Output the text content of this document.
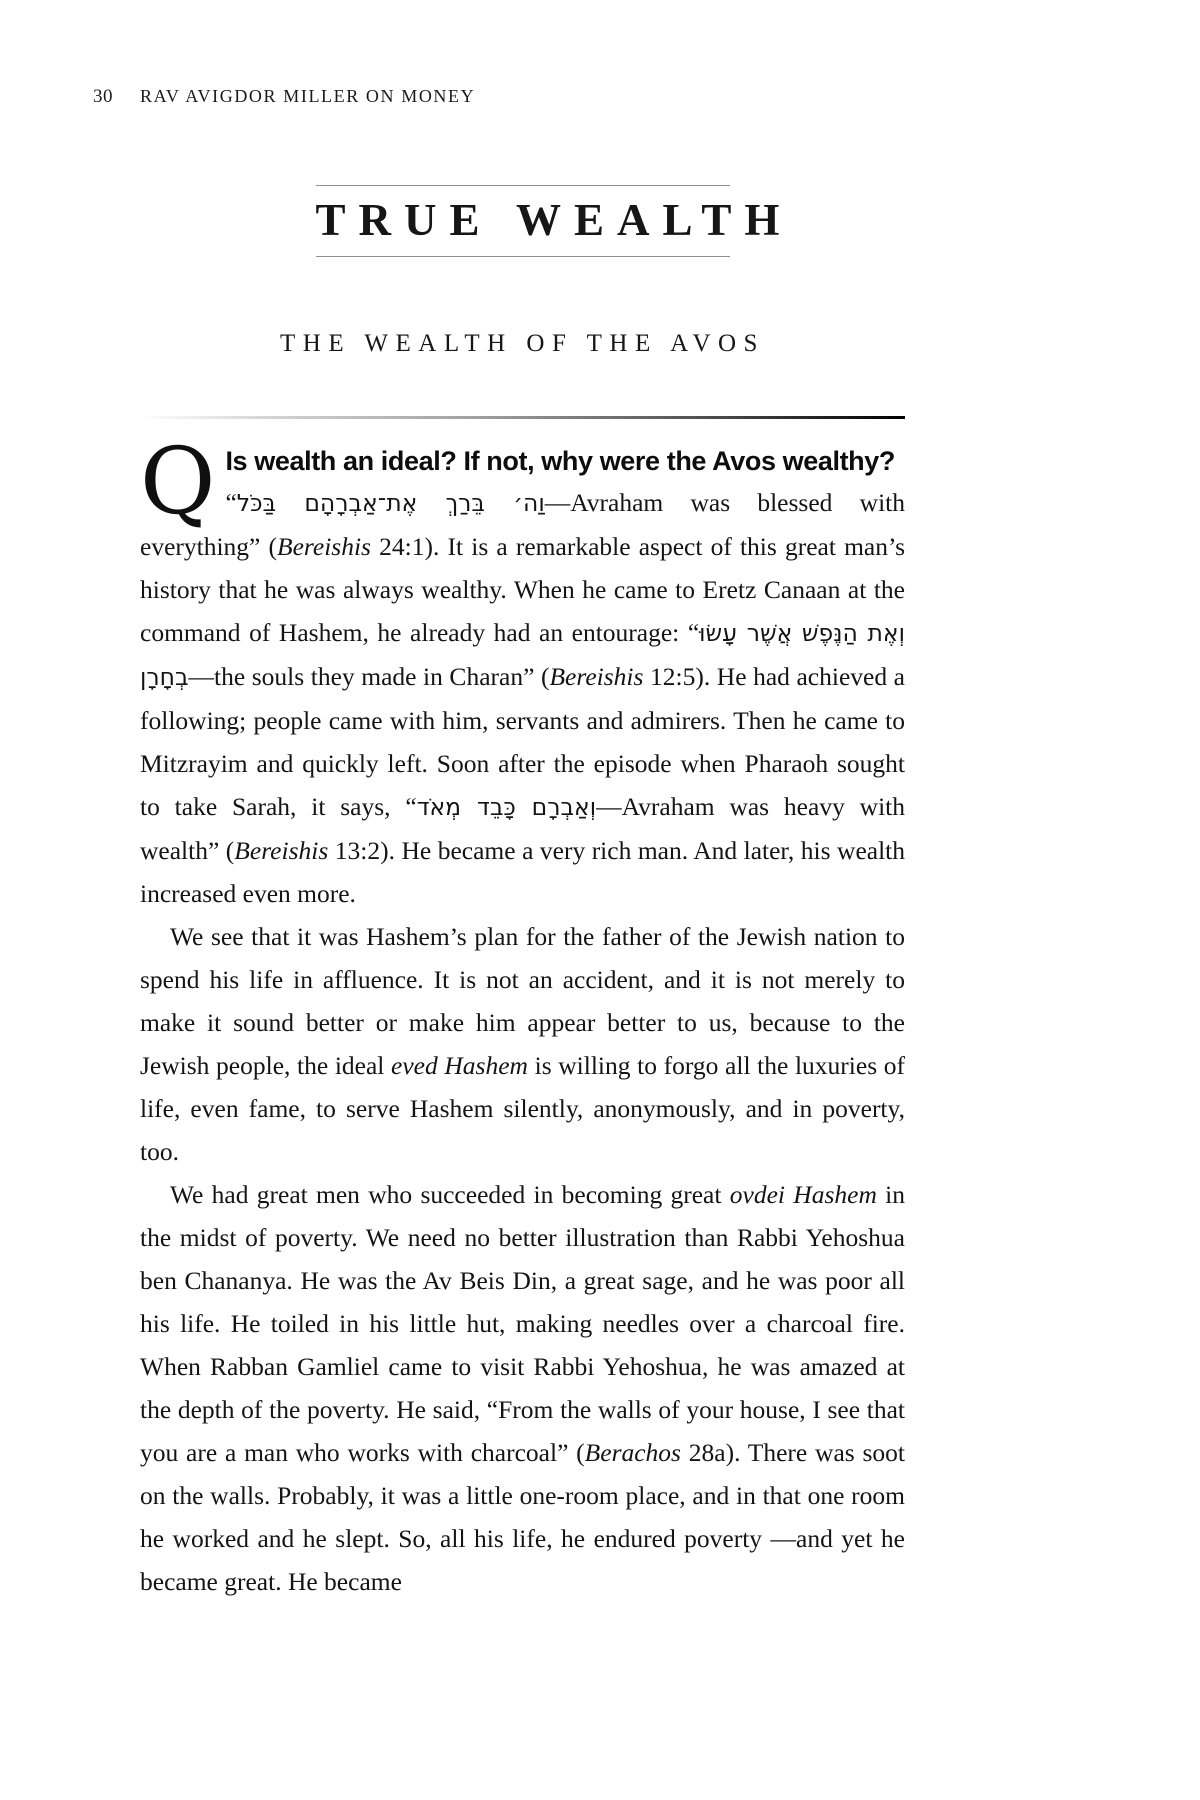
30 RAV AVIGDOR MILLER ON MONEY
TRUE WEALTH
THE WEALTH OF THE AVOS
Q Is wealth an ideal? If not, why were the Avos wealthy?

“וַה׳ בֵּרַךְ אֶת־אַבְרָהָם בַּכֹּל—Avraham was blessed with everything” (Bereishis 24:1). It is a remarkable aspect of this great man’s history that he was always wealthy. When he came to Eretz Canaan at the command of Hashem, he already had an entourage: “וְאֶת הַנֶּפֶשׁ אֲשֶׁר עָשׂוּ בְחָרָן—the souls they made in Charan” (Bereishis 12:5). He had achieved a following; people came with him, servants and admirers. Then he came to Mitzrayim and quickly left. Soon after the episode when Pharaoh sought to take Sarah, it says, “וְאַבְרָם כָּבֵד מְאֹד—Avraham was heavy with wealth” (Bereishis 13:2). He became a very rich man. And later, his wealth increased even more.

We see that it was Hashem’s plan for the father of the Jewish nation to spend his life in affluence. It is not an accident, and it is not merely to make it sound better or make him appear better to us, because to the Jewish people, the ideal eved Hashem is willing to forgo all the luxuries of life, even fame, to serve Hashem silently, anonymously, and in poverty, too.

We had great men who succeeded in becoming great ovdei Hashem in the midst of poverty. We need no better illustration than Rabbi Yehoshua ben Chananya. He was the Av Beis Din, a great sage, and he was poor all his life. He toiled in his little hut, making needles over a charcoal fire. When Rabban Gamliel came to visit Rabbi Yehoshua, he was amazed at the depth of the poverty. He said, “From the walls of your house, I see that you are a man who works with charcoal” (Berachos 28a). There was soot on the walls. Probably, it was a little one-room place, and in that one room he worked and he slept. So, all his life, he endured poverty —and yet he became great. He became
